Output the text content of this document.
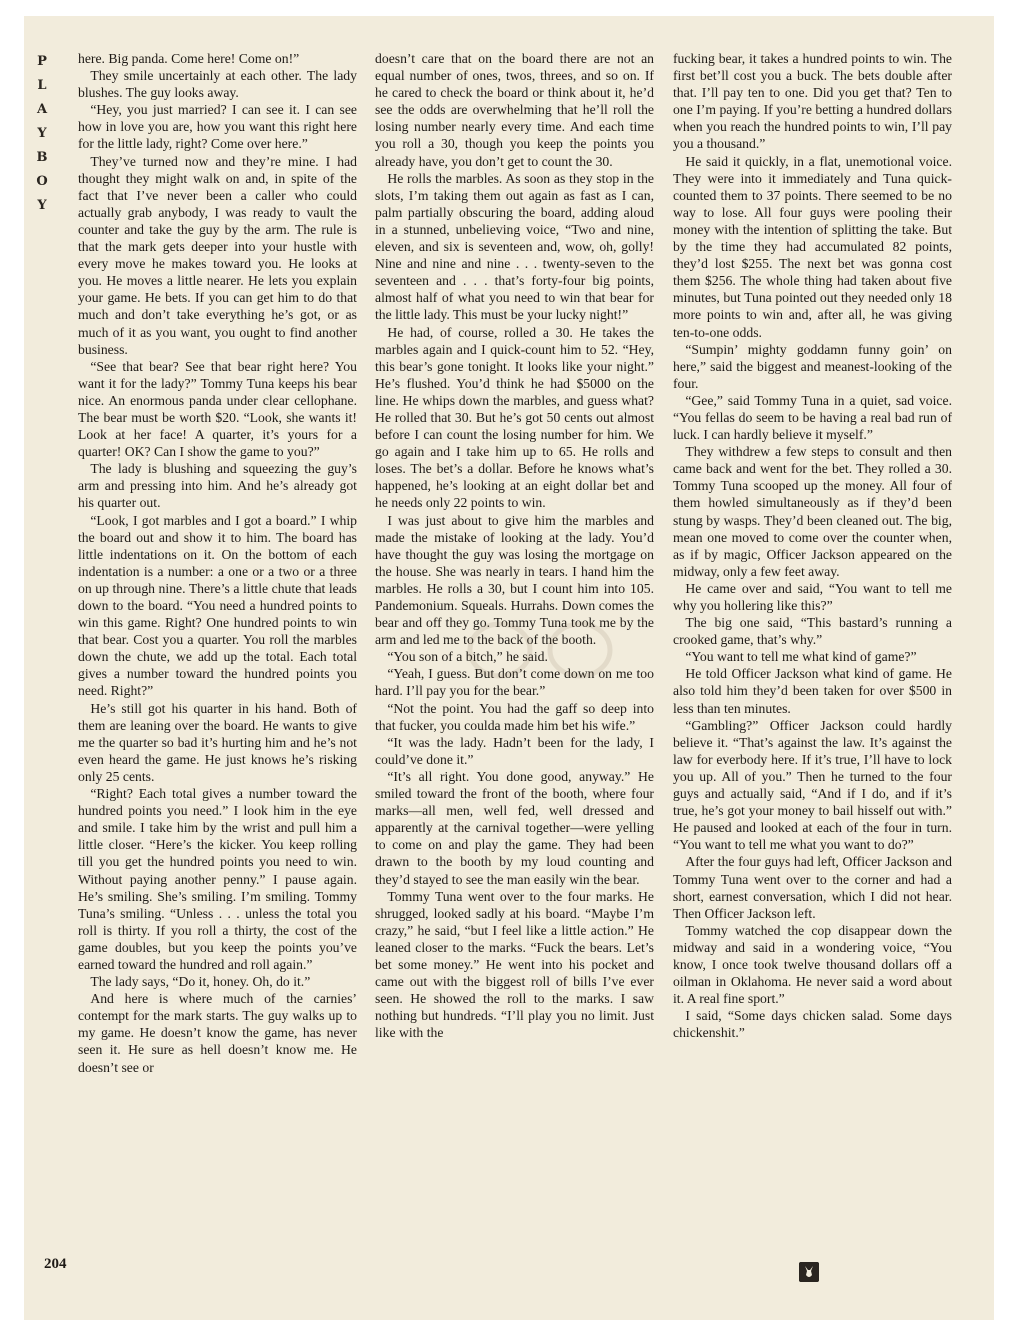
P
L
A
Y
B
O
Y

here. Big panda. Come here! Come on!”

They smile uncertainly at each other. The lady blushes. The guy looks away.

“Hey, you just married? I can see it. I can see how in love you are, how you want this right here for the little lady, right? Come over here.”

They’ve turned now and they’re mine. I had thought they might walk on and, in spite of the fact that I’ve never been a caller who could actually grab anybody, I was ready to vault the counter and take the guy by the arm. The rule is that the mark gets deeper into your hustle with every move he makes toward you. He looks at you. He moves a little nearer. He lets you explain your game. He bets. If you can get him to do that much and don’t take everything he’s got, or as much of it as you want, you ought to find another business.

“See that bear? See that bear right here? You want it for the lady?” Tommy Tuna keeps his bear nice. An enormous panda under clear cellophane. The bear must be worth $20. “Look, she wants it! Look at her face! A quarter, it’s yours for a quarter! OK? Can I show the game to you?”

The lady is blushing and squeezing the guy’s arm and pressing into him. And he’s already got his quarter out.

“Look, I got marbles and I got a board.” I whip the board out and show it to him. The board has little indentations on it. On the bottom of each indentation is a number: a one or a two or a three on up through nine. There’s a little chute that leads down to the board. “You need a hundred points to win this game. Right? One hundred points to win that bear. Cost you a quarter. You roll the marbles down the chute, we add up the total. Each total gives a number toward the hundred points you need. Right?”

He’s still got his quarter in his hand. Both of them are leaning over the board. He wants to give me the quarter so bad it’s hurting him and he’s not even heard the game. He just knows he’s risking only 25 cents.

“Right? Each total gives a number toward the hundred points you need.” I look him in the eye and smile. I take him by the wrist and pull him a little closer. “Here’s the kicker. You keep rolling till you get the hundred points you need to win. Without paying another penny.” I pause again. He’s smiling. She’s smiling. I’m smiling. Tommy Tuna’s smiling. “Unless . . . unless the total you roll is thirty. If you roll a thirty, the cost of the game doubles, but you keep the points you’ve earned toward the hundred and roll again.”

The lady says, “Do it, honey. Oh, do it.”

And here is where much of the carnies’ contempt for the mark starts. The guy walks up to my game. He doesn’t know the game, has never seen it. He sure as hell doesn’t know me. He doesn’t see or

doesn’t care that on the board there are not an equal number of ones, twos, threes, and so on. If he cared to check the board or think about it, he’d see the odds are overwhelming that he’ll roll the losing number nearly every time. And each time you roll a 30, though you keep the points you already have, you don’t get to count the 30.

He rolls the marbles. As soon as they stop in the slots, I’m taking them out again as fast as I can, palm partially obscuring the board, adding aloud in a stunned, unbelieving voice, “Two and nine, eleven, and six is seventeen and, wow, oh, golly! Nine and nine and nine . . . twenty-seven to the seventeen and . . . that’s forty-four big points, almost half of what you need to win that bear for the little lady. This must be your lucky night!”

He had, of course, rolled a 30. He takes the marbles again and I quick-count him to 52. “Hey, this bear’s gone tonight. It looks like your night.” He’s flushed. You’d think he had $5000 on the line. He whips down the marbles, and guess what? He rolled that 30. But he’s got 50 cents out almost before I can count the losing number for him. We go again and I take him up to 65. He rolls and loses. The bet’s a dollar. Before he knows what’s happened, he’s looking at an eight dollar bet and he needs only 22 points to win.

I was just about to give him the marbles and made the mistake of looking at the lady. You’d have thought the guy was losing the mortgage on the house. She was nearly in tears. I hand him the marbles. He rolls a 30, but I count him into 105. Pandemonium. Squeals. Hurrahs. Down comes the bear and off they go. Tommy Tuna took me by the arm and led me to the back of the booth.

“You son of a bitch,” he said.

“Yeah, I guess. But don’t come down on me too hard. I’ll pay you for the bear.”

“Not the point. You had the gaff so deep into that fucker, you coulda made him bet his wife.”

“It was the lady. Hadn’t been for the lady, I could’ve done it.”

“It’s all right. You done good, anyway.” He smiled toward the front of the booth, where four marks—all men, well fed, well dressed and apparently at the carnival together—were yelling to come on and play the game. They had been drawn to the booth by my loud counting and they’d stayed to see the man easily win the bear.

Tommy Tuna went over to the four marks. He shrugged, looked sadly at his board. “Maybe I’m crazy,” he said, “but I feel like a little action.” He leaned closer to the marks. “Fuck the bears. Let’s bet some money.” He went into his pocket and came out with the biggest roll of bills I’ve ever seen. He showed the roll to the marks. I saw nothing but hundreds. “I’ll play you no limit. Just like with the

fucking bear, it takes a hundred points to win. The first bet’ll cost you a buck. The bets double after that. I’ll pay ten to one. Did you get that? Ten to one I’m paying. If you’re betting a hundred dollars when you reach the hundred points to win, I’ll pay you a thousand.”

He said it quickly, in a flat, unemotional voice. They were into it immediately and Tuna quick-counted them to 37 points. There seemed to be no way to lose. All four guys were pooling their money with the intention of splitting the take. But by the time they had accumulated 82 points, they’d lost $255. The next bet was gonna cost them $256. The whole thing had taken about five minutes, but Tuna pointed out they needed only 18 more points to win and, after all, he was giving ten-to-one odds.

“Sumpin’ mighty goddamn funny goin’ on here,” said the biggest and meanest-looking of the four.

“Gee,” said Tommy Tuna in a quiet, sad voice. “You fellas do seem to be having a real bad run of luck. I can hardly believe it myself.”

They withdrew a few steps to consult and then came back and went for the bet. They rolled a 30. Tommy Tuna scooped up the money. All four of them howled simultaneously as if they’d been stung by wasps. They’d been cleaned out. The big, mean one moved to come over the counter when, as if by magic, Officer Jackson appeared on the midway, only a few feet away.

He came over and said, “You want to tell me why you hollering like this?”

The big one said, “This bastard’s running a crooked game, that’s why.”

“You want to tell me what kind of game?”

He told Officer Jackson what kind of game. He also told him they’d been taken for over $500 in less than ten minutes.

“Gambling?” Officer Jackson could hardly believe it. “That’s against the law. It’s against the law for everbody here. If it’s true, I’ll have to lock you up. All of you.” Then he turned to the four guys and actually said, “And if I do, and if it’s true, he’s got your money to bail hisself out with.” He paused and looked at each of the four in turn. “You want to tell me what you want to do?”

After the four guys had left, Officer Jackson and Tommy Tuna went over to the corner and had a short, earnest conversation, which I did not hear. Then Officer Jackson left.

Tommy watched the cop disappear down the midway and said in a wondering voice, “You know, I once took twelve thousand dollars off a oilman in Oklahoma. He never said a word about it. A real fine sport.”

I said, “Some days chicken salad. Some days chickenshit.”

204
